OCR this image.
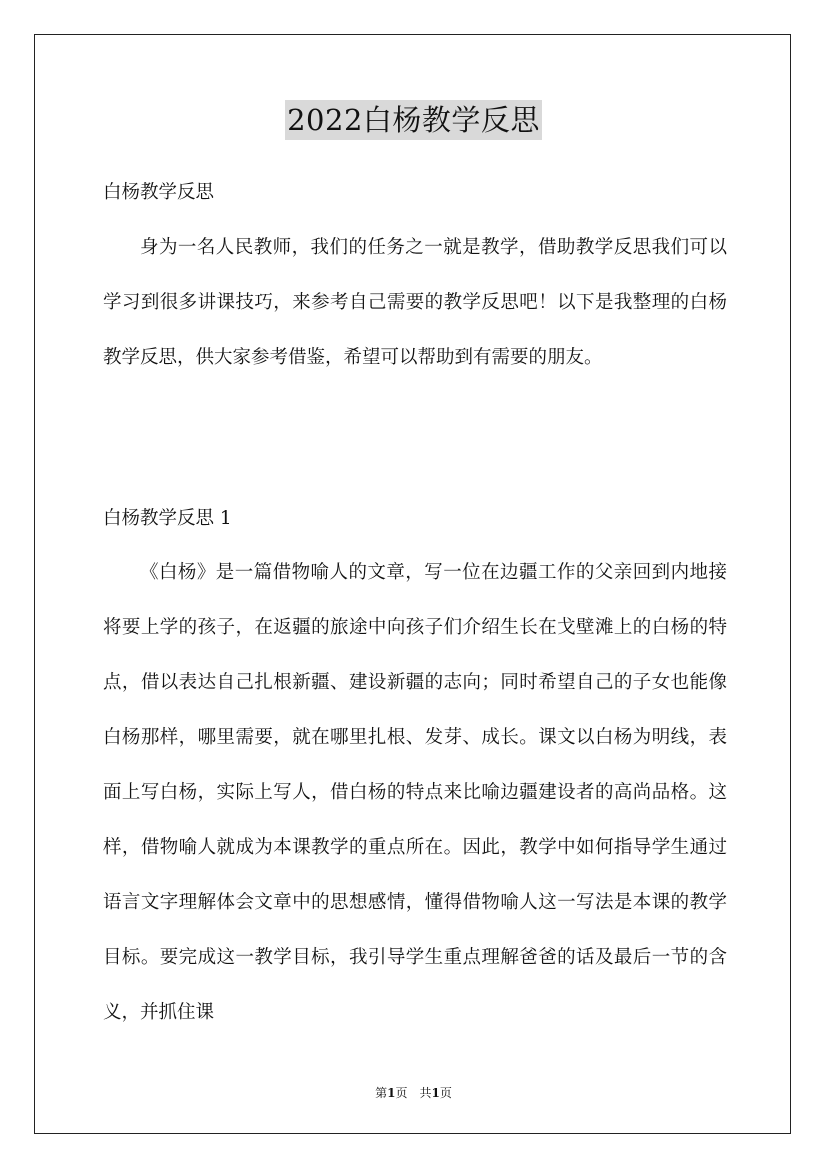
2022白杨教学反思
白杨教学反思

身为一名人民教师，我们的任务之一就是教学，借助教学反思我们可以学习到很多讲课技巧，来参考自己需要的教学反思吧！以下是我整理的白杨教学反思，供大家参考借鉴，希望可以帮助到有需要的朋友。

白杨教学反思 1

《白杨》是一篇借物喻人的文章，写一位在边疆工作的父亲回到内地接将要上学的孩子，在返疆的旅途中向孩子们介绍生长在戈壁滩上的白杨的特点，借以表达自己扎根新疆、建设新疆的志向；同时希望自己的子女也能像白杨那样，哪里需要，就在哪里扎根、发芽、成长。课文以白杨为明线，表面上写白杨，实际上写人，借白杨的特点来比喻边疆建设者的高尚品格。这样，借物喻人就成为本课教学的重点所在。因此，教学中如何指导学生通过语言文字理解体会文章中的思想感情，懂得借物喻人这一写法是本课的教学目标。要完成这一教学目标，我引导学生重点理解爸爸的话及最后一节的含义，并抓住课

第1页　共1页
